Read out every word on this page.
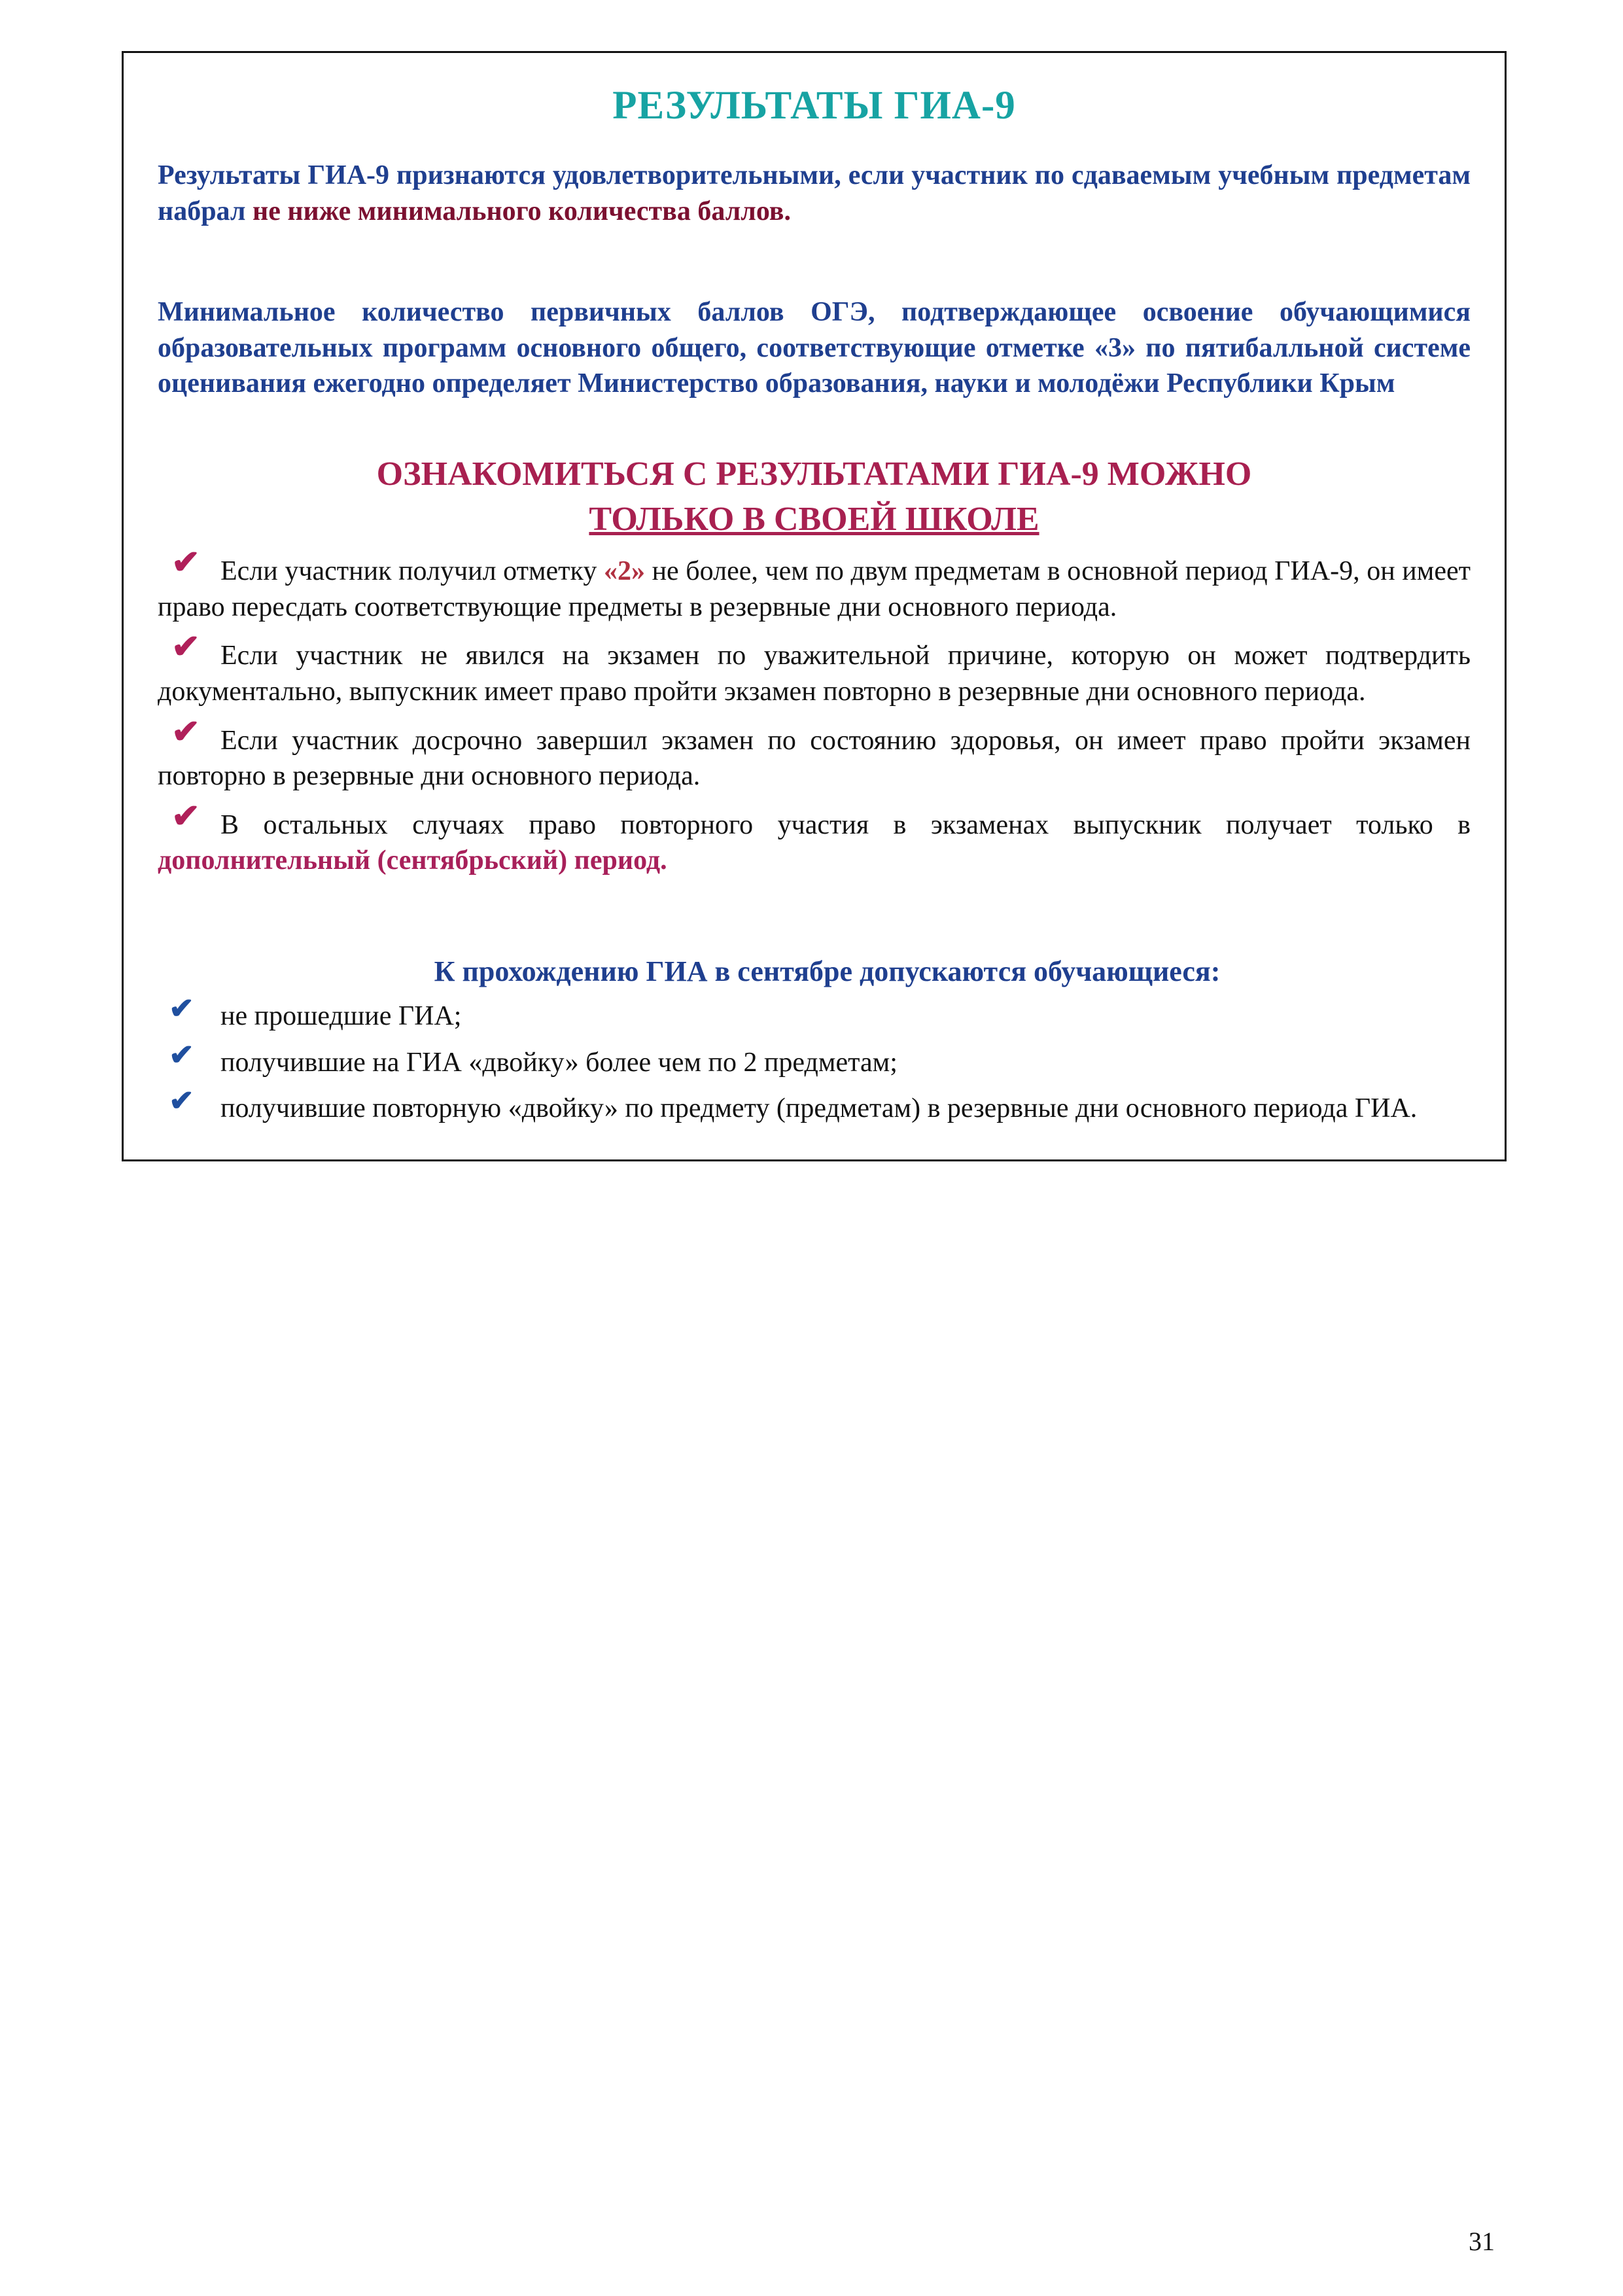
РЕЗУЛЬТАТЫ ГИА-9
Результаты ГИА-9 признаются удовлетворительными, если участник по сдаваемым учебным предметам набрал не ниже минимального количества баллов.
Минимальное количество первичных баллов ОГЭ, подтверждающее освоение обучающимися образовательных программ основного общего, соответствующие отметке «3» по пятибалльной системе оценивания ежегодно определяет Министерство образования, науки и молодёжи Республики Крым
ОЗНАКОМИТЬСЯ С РЕЗУЛЬТАТАМИ ГИА-9 МОЖНО
ТОЛЬКО В СВОЕЙ ШКОЛЕ
✔ Если участник получил отметку «2» не более, чем по двум предметам в основной период ГИА-9, он имеет право пересдать соответствующие предметы в резервные дни основного периода.
✔ Если участник не явился на экзамен по уважительной причине, которую он может подтвердить документально, выпускник имеет право пройти экзамен повторно в резервные дни основного периода.
✔ Если участник досрочно завершил экзамен по состоянию здоровья, он имеет право пройти экзамен повторно в резервные дни основного периода.
✔ В остальных случаях право повторного участия в экзаменах выпускник получает только в дополнительный (сентябрьский) период.
К прохождению ГИА в сентябре допускаются обучающиеся:
✔ не прошедшие ГИА;
✔ получившие на ГИА «двойку» более чем по 2 предметам;
✔ получившие повторную «двойку» по предмету (предметам) в резервные дни основного периода ГИА.
31
